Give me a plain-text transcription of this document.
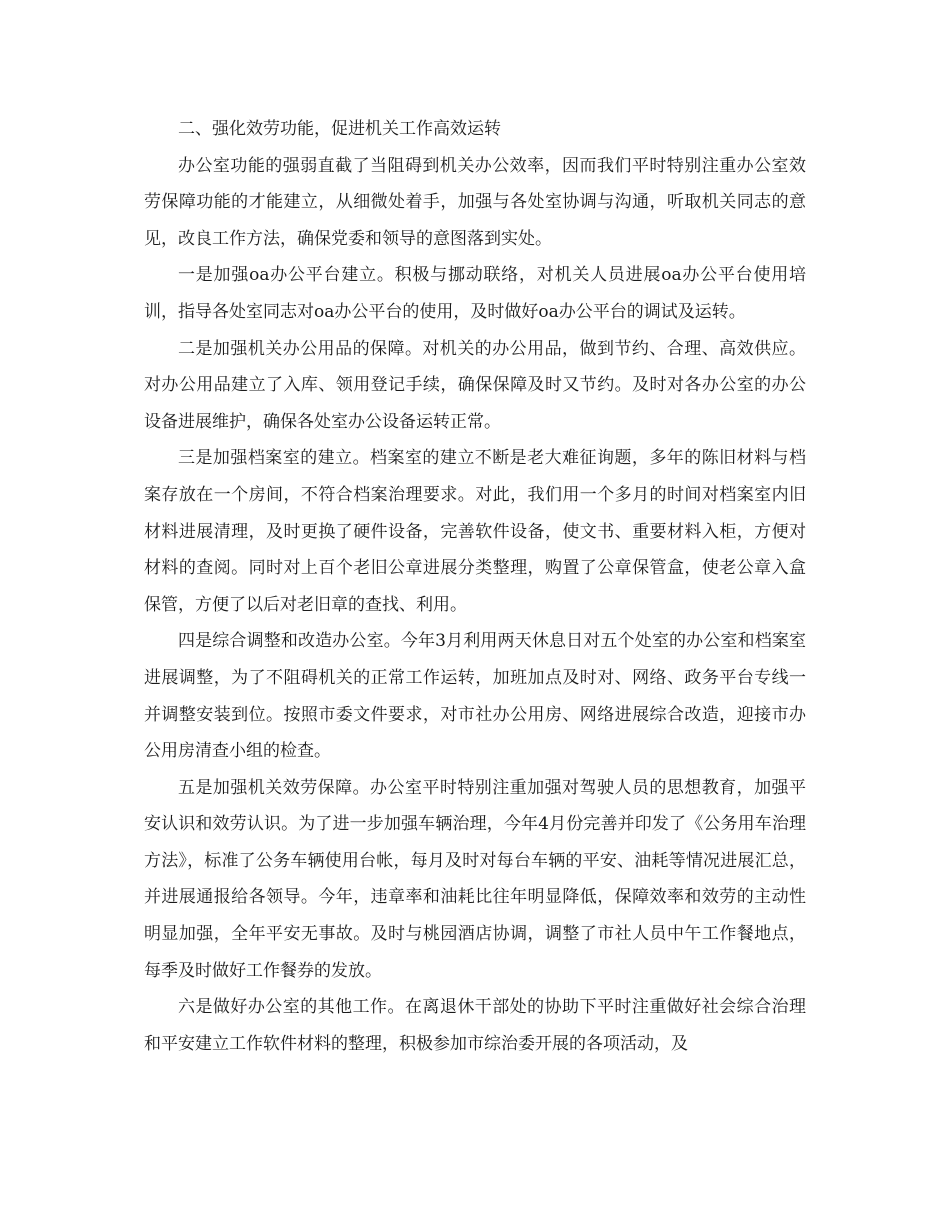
二、强化效劳功能，促进机关工作高效运转

办公室功能的强弱直截了当阻碍到机关办公效率，因而我们平时特别注重办公室效劳保障功能的才能建立，从细微处着手，加强与各处室协调与沟通，听取机关同志的意见，改良工作方法，确保党委和领导的意图落到实处。

一是加强oa办公平台建立。积极与挪动联络，对机关人员进展oa办公平台使用培训，指导各处室同志对oa办公平台的使用，及时做好oa办公平台的调试及运转。

二是加强机关办公用品的保障。对机关的办公用品，做到节约、合理、高效供应。对办公用品建立了入库、领用登记手续，确保保障及时又节约。及时对各办公室的办公设备进展维护，确保各处室办公设备运转正常。

三是加强档案室的建立。档案室的建立不断是老大难征询题，多年的陈旧材料与档案存放在一个房间，不符合档案治理要求。对此，我们用一个多月的时间对档案室内旧材料进展清理，及时更换了硬件设备，完善软件设备，使文书、重要材料入柜，方便对材料的查阅。同时对上百个老旧公章进展分类整理，购置了公章保管盒，使老公章入盒保管，方便了以后对老旧章的查找、利用。

四是综合调整和改造办公室。今年3月利用两天休息日对五个处室的办公室和档案室进展调整，为了不阻碍机关的正常工作运转，加班加点及时对、网络、政务平台专线一并调整安装到位。按照市委文件要求，对市社办公用房、网络进展综合改造，迎接市办公用房清查小组的检查。

五是加强机关效劳保障。办公室平时特别注重加强对驾驶人员的思想教育，加强平安认识和效劳认识。为了进一步加强车辆治理，今年4月份完善并印发了《公务用车治理方法》，标准了公务车辆使用台帐，每月及时对每台车辆的平安、油耗等情况进展汇总，并进展通报给各领导。今年，违章率和油耗比往年明显降低，保障效率和效劳的主动性明显加强，全年平安无事故。及时与桃园酒店协调，调整了市社人员中午工作餐地点，每季及时做好工作餐券的发放。

六是做好办公室的其他工作。在离退休干部处的协助下平时注重做好社会综合治理和平安建立工作软件材料的整理，积极参加市综治委开展的各项活动，及
